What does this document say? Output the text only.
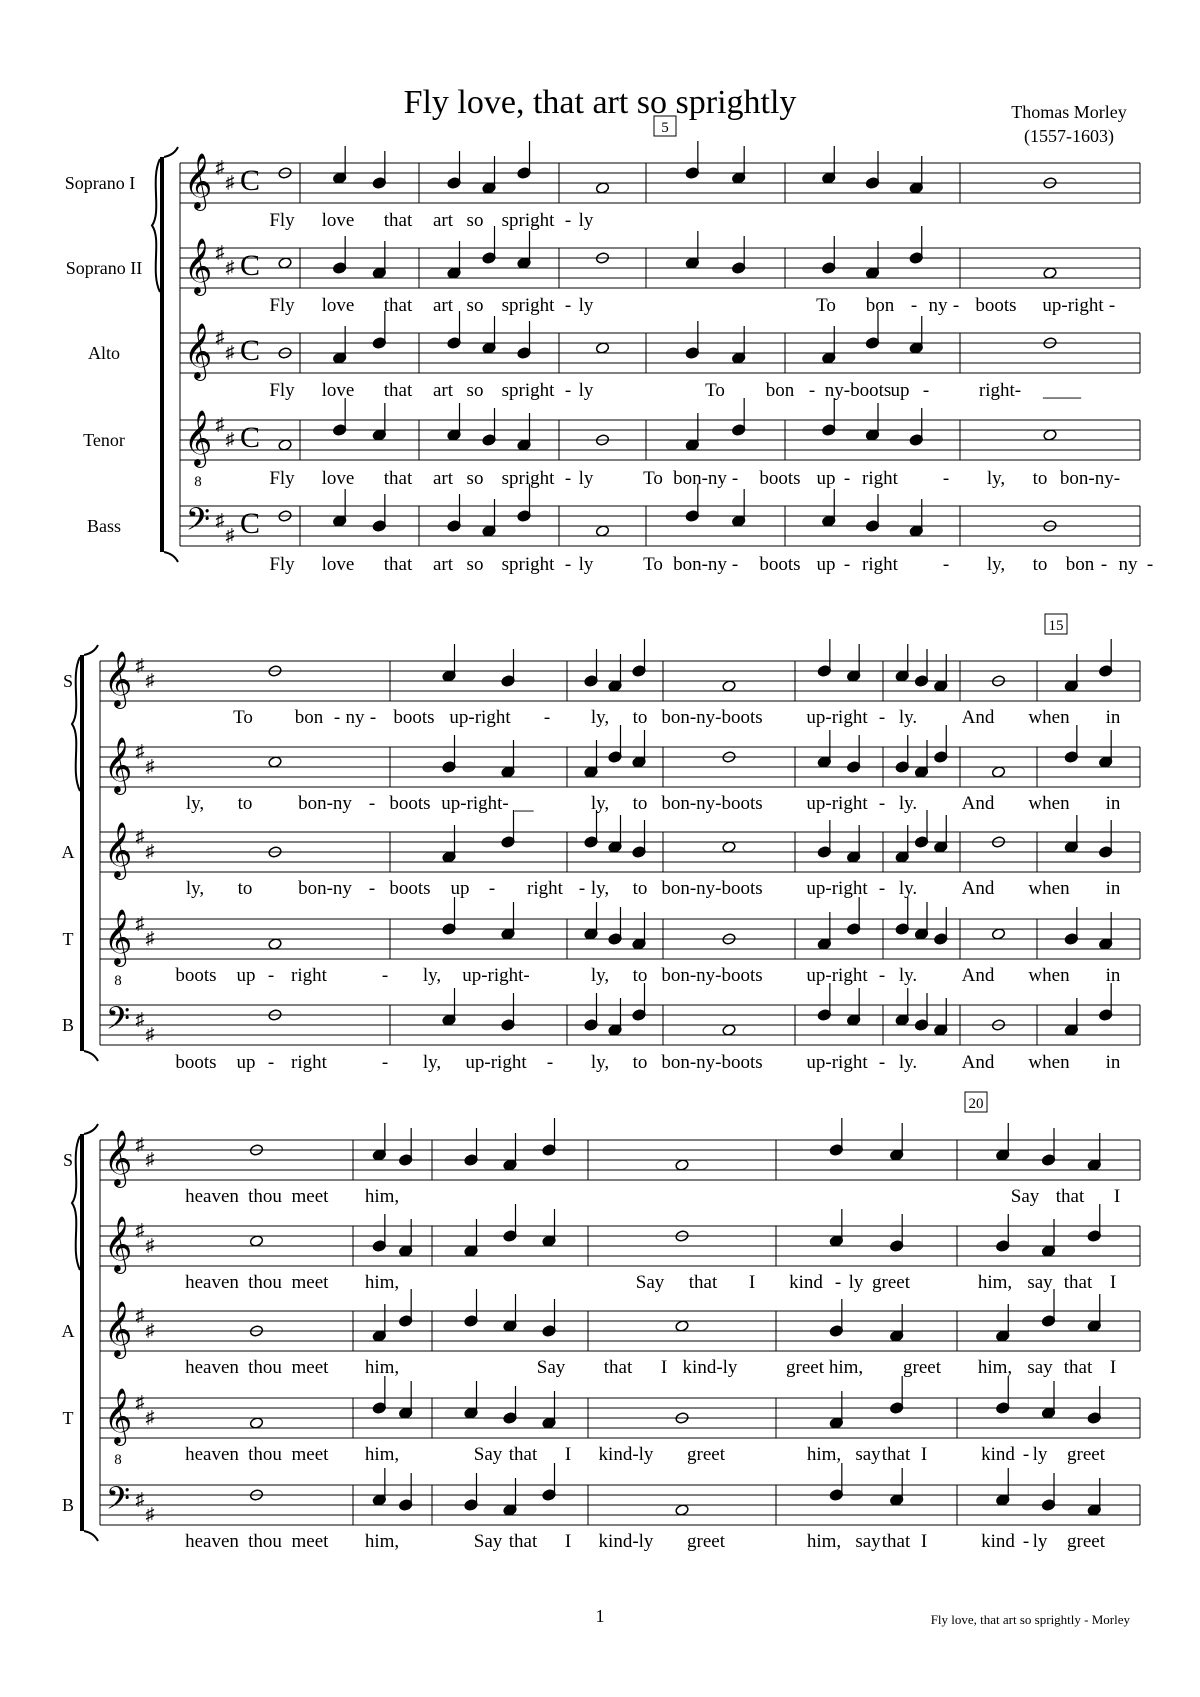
Fly love, that art so sprightly	Thomas Morley
(1557-1603)
𝄞 ♯
♯ C
Soprano I
Fly love that art so spright - ly
𝄞 ♯
♯ C
Soprano II
Fly love that art so spright - ly	To bon - ny - boots up-right -
𝄞 ♯
♯ C
Alto
Fly love that art so spright - ly	To bon - ny-boots up -	right- ____
𝄞
8
♯
♯ C
Tenor
Fly love that art so spright - ly	To bon-ny - boots up - right - ly, to bon-ny-
𝄢 ♯
♯ C
Bass
Fly love that art so spright - ly	To bon-ny - boots up - right - ly, to bon - ny -
5
𝄞 ♯
♯
S
To bon - ny - boots up-right - ly, to bon-ny-boots up-right - ly. And when in
𝄞 ♯
♯
ly, to bon-ny - boots up-right- __	ly, to bon-ny-boots up-right - ly. And when in
𝄞 ♯
♯
A
ly, to bon-ny - boots up - right - ly, to bon-ny-boots up-right - ly. And when in
𝄞
8
♯
♯
T
boots up - right	- ly, up-right-	ly, to bon-ny-boots up-right - ly. And when in
𝄢 ♯
♯
B
boots up - right	- ly, up-right - ly, to bon-ny-boots up-right - ly. And when in
15
𝄞 ♯
♯
S
heaven thou meet him,	Say that I
𝄞 ♯
♯
heaven thou meet him,	Say that I kind - ly greet	him, say that I
𝄞 ♯
♯
A
heaven thou meet him,	Say that I kind-ly	greet him, greet him, say that I
𝄞
8
♯
♯
T
heaven thou meet him,	Say that I kind-ly greet	him, say that I	kind - ly greet
𝄢 ♯
♯
B
heaven thou meet him,	Say that I kind-ly greet	him, say that I	kind - ly greet
20
1	Fly love, that art so sprightly - Morley
